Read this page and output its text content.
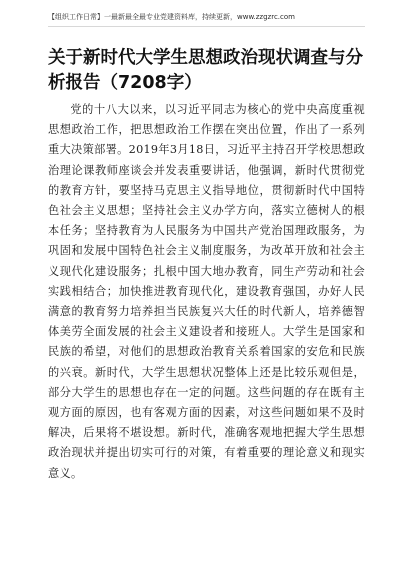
【组织工作日常】一最新最全最专业党建资料库，持续更新，www.zzgzrc.com
关于新时代大学生思想政治现状调查与分析报告（7208字）

党的十八大以来，以习近平同志为核心的党中央高度重视思想政治工作，把思想政治工作摆在突出位置，作出了一系列重大决策部署。2019年3月18日，习近平主持召开学校思想政治理论课教师座谈会并发表重要讲话，他强调，新时代贯彻党的教育方针，要坚持马克思主义指导地位，贯彻新时代中国特色社会主义思想；坚持社会主义办学方向，落实立德树人的根本任务；坚持教育为人民服务为中国共产党治国理政服务，为巩固和发展中国特色社会主义制度服务，为改革开放和社会主义现代化建设服务；扎根中国大地办教育，同生产劳动和社会实践相结合；加快推进教育现代化，建设教育强国，办好人民满意的教育努力培养担当民族复兴大任的时代新人，培养德智体美劳全面发展的社会主义建设者和接班人。大学生是国家和民族的希望，对他们的思想政治教育关系着国家的安危和民族的兴衰。新时代，大学生思想状况整体上还是比较乐观但是，部分大学生的思想也存在一定的问题。这些问题的存在既有主观方面的原因，也有客观方面的因素，对这些问题如果不及时解决，后果将不堪设想。新时代，准确客观地把握大学生思想政治现状并提出切实可行的对策，有着重要的理论意义和现实意义。
